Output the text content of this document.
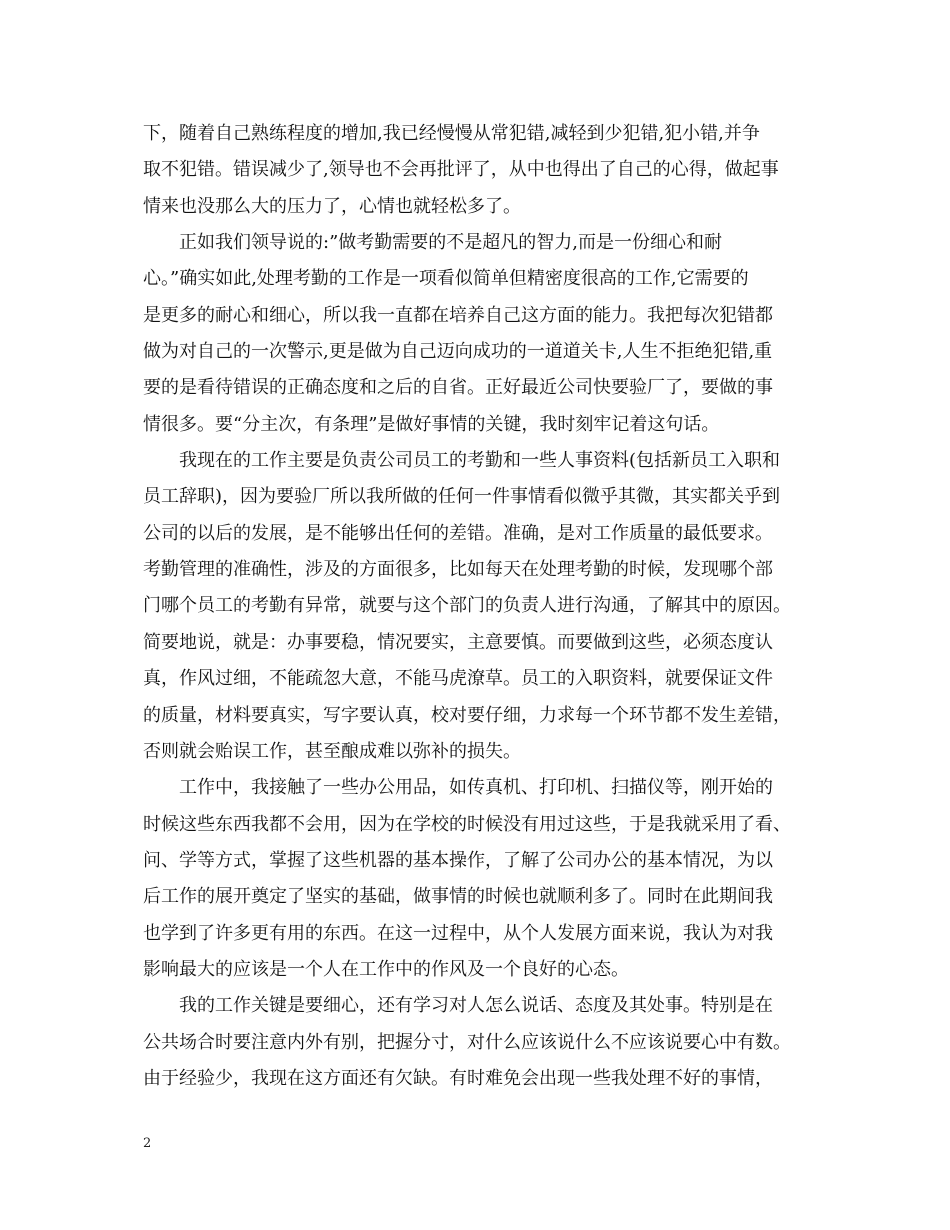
下，随着自己熟练程度的增加,我已经慢慢从常犯错,减轻到少犯错,犯小错,并争
取不犯错。错误减少了,领导也不会再批评了，从中也得出了自己的心得，做起事
情来也没那么大的压力了，心情也就轻松多了。
正如我们领导说的:”做考勤需要的不是超凡的智力,而是一份细心和耐
心。”确实如此,处理考勤的工作是一项看似简单但精密度很高的工作,它需要的
是更多的耐心和细心，所以我一直都在培养自己这方面的能力。我把每次犯错都
做为对自己的一次警示,更是做为自己迈向成功的一道道关卡,人生不拒绝犯错,重
要的是看待错误的正确态度和之后的自省。正好最近公司快要验厂了，要做的事
情很多。要“分主次，有条理”是做好事情的关键，我时刻牢记着这句话。
我现在的工作主要是负责公司员工的考勤和一些人事资料(包括新员工入职和
员工辞职)，因为要验厂所以我所做的任何一件事情看似微乎其微，其实都关乎到
公司的以后的发展，是不能够出任何的差错。准确，是对工作质量的最低要求。
考勤管理的准确性，涉及的方面很多，比如每天在处理考勤的时候，发现哪个部
门哪个员工的考勤有异常，就要与这个部门的负责人进行沟通，了解其中的原因。
简要地说，就是：办事要稳，情况要实，主意要慎。而要做到这些，必须态度认
真，作风过细，不能疏忽大意，不能马虎潦草。员工的入职资料，就要保证文件
的质量，材料要真实，写字要认真，校对要仔细，力求每一个环节都不发生差错，
否则就会贻误工作，甚至酿成难以弥补的损失。
工作中，我接触了一些办公用品，如传真机、打印机、扫描仪等，刚开始的
时候这些东西我都不会用，因为在学校的时候没有用过这些，于是我就采用了看、
问、学等方式，掌握了这些机器的基本操作，了解了公司办公的基本情况，为以
后工作的展开奠定了坚实的基础，做事情的时候也就顺利多了。同时在此期间我
也学到了许多更有用的东西。在这一过程中，从个人发展方面来说，我认为对我
影响最大的应该是一个人在工作中的作风及一个良好的心态。
我的工作关键是要细心，还有学习对人怎么说话、态度及其处事。特别是在
公共场合时要注意内外有别，把握分寸，对什么应该说什么不应该说要心中有数。
由于经验少，我现在这方面还有欠缺。有时难免会出现一些我处理不好的事情，
2
